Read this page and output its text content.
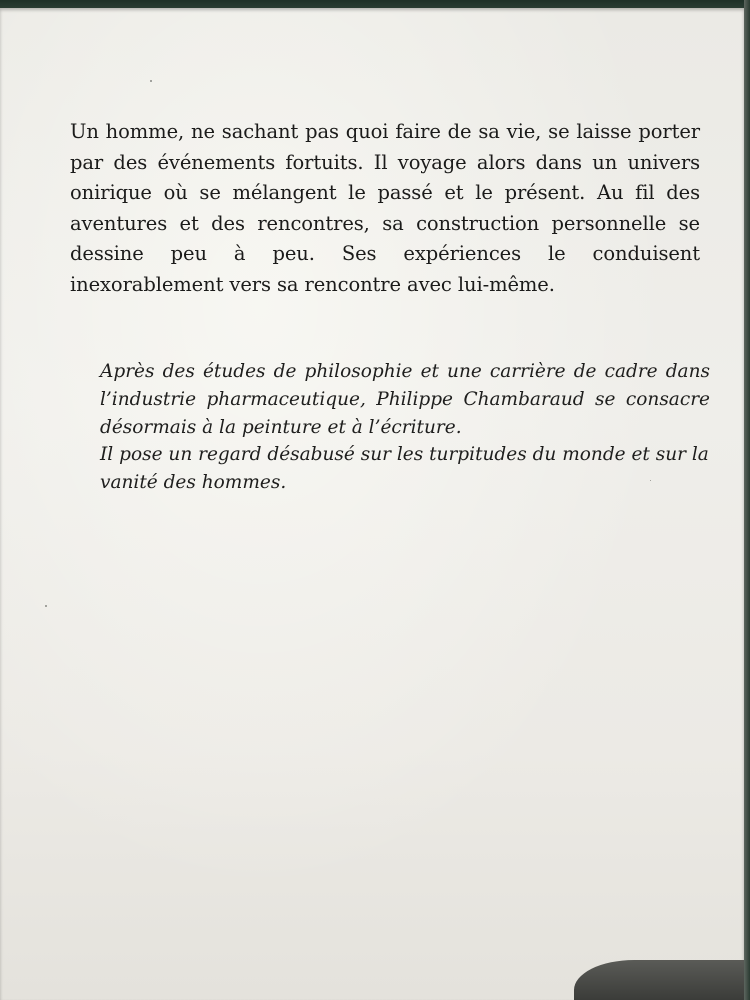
Un homme, ne sachant pas quoi faire de sa vie, se laisse porter par des événements fortuits. Il voyage alors dans un univers onirique où se mélangent le passé et le présent. Au fil des aventures et des rencontres, sa construction personnelle se dessine peu à peu. Ses expériences le conduisent inexorablement vers sa rencontre avec lui-même.

Après des études de philosophie et une carrière de cadre dans l’industrie pharmaceutique, Philippe Chambaraud se consacre désormais à la peinture et à l’écriture.

Il pose un regard désabusé sur les turpitudes du monde et sur la vanité des hommes.
